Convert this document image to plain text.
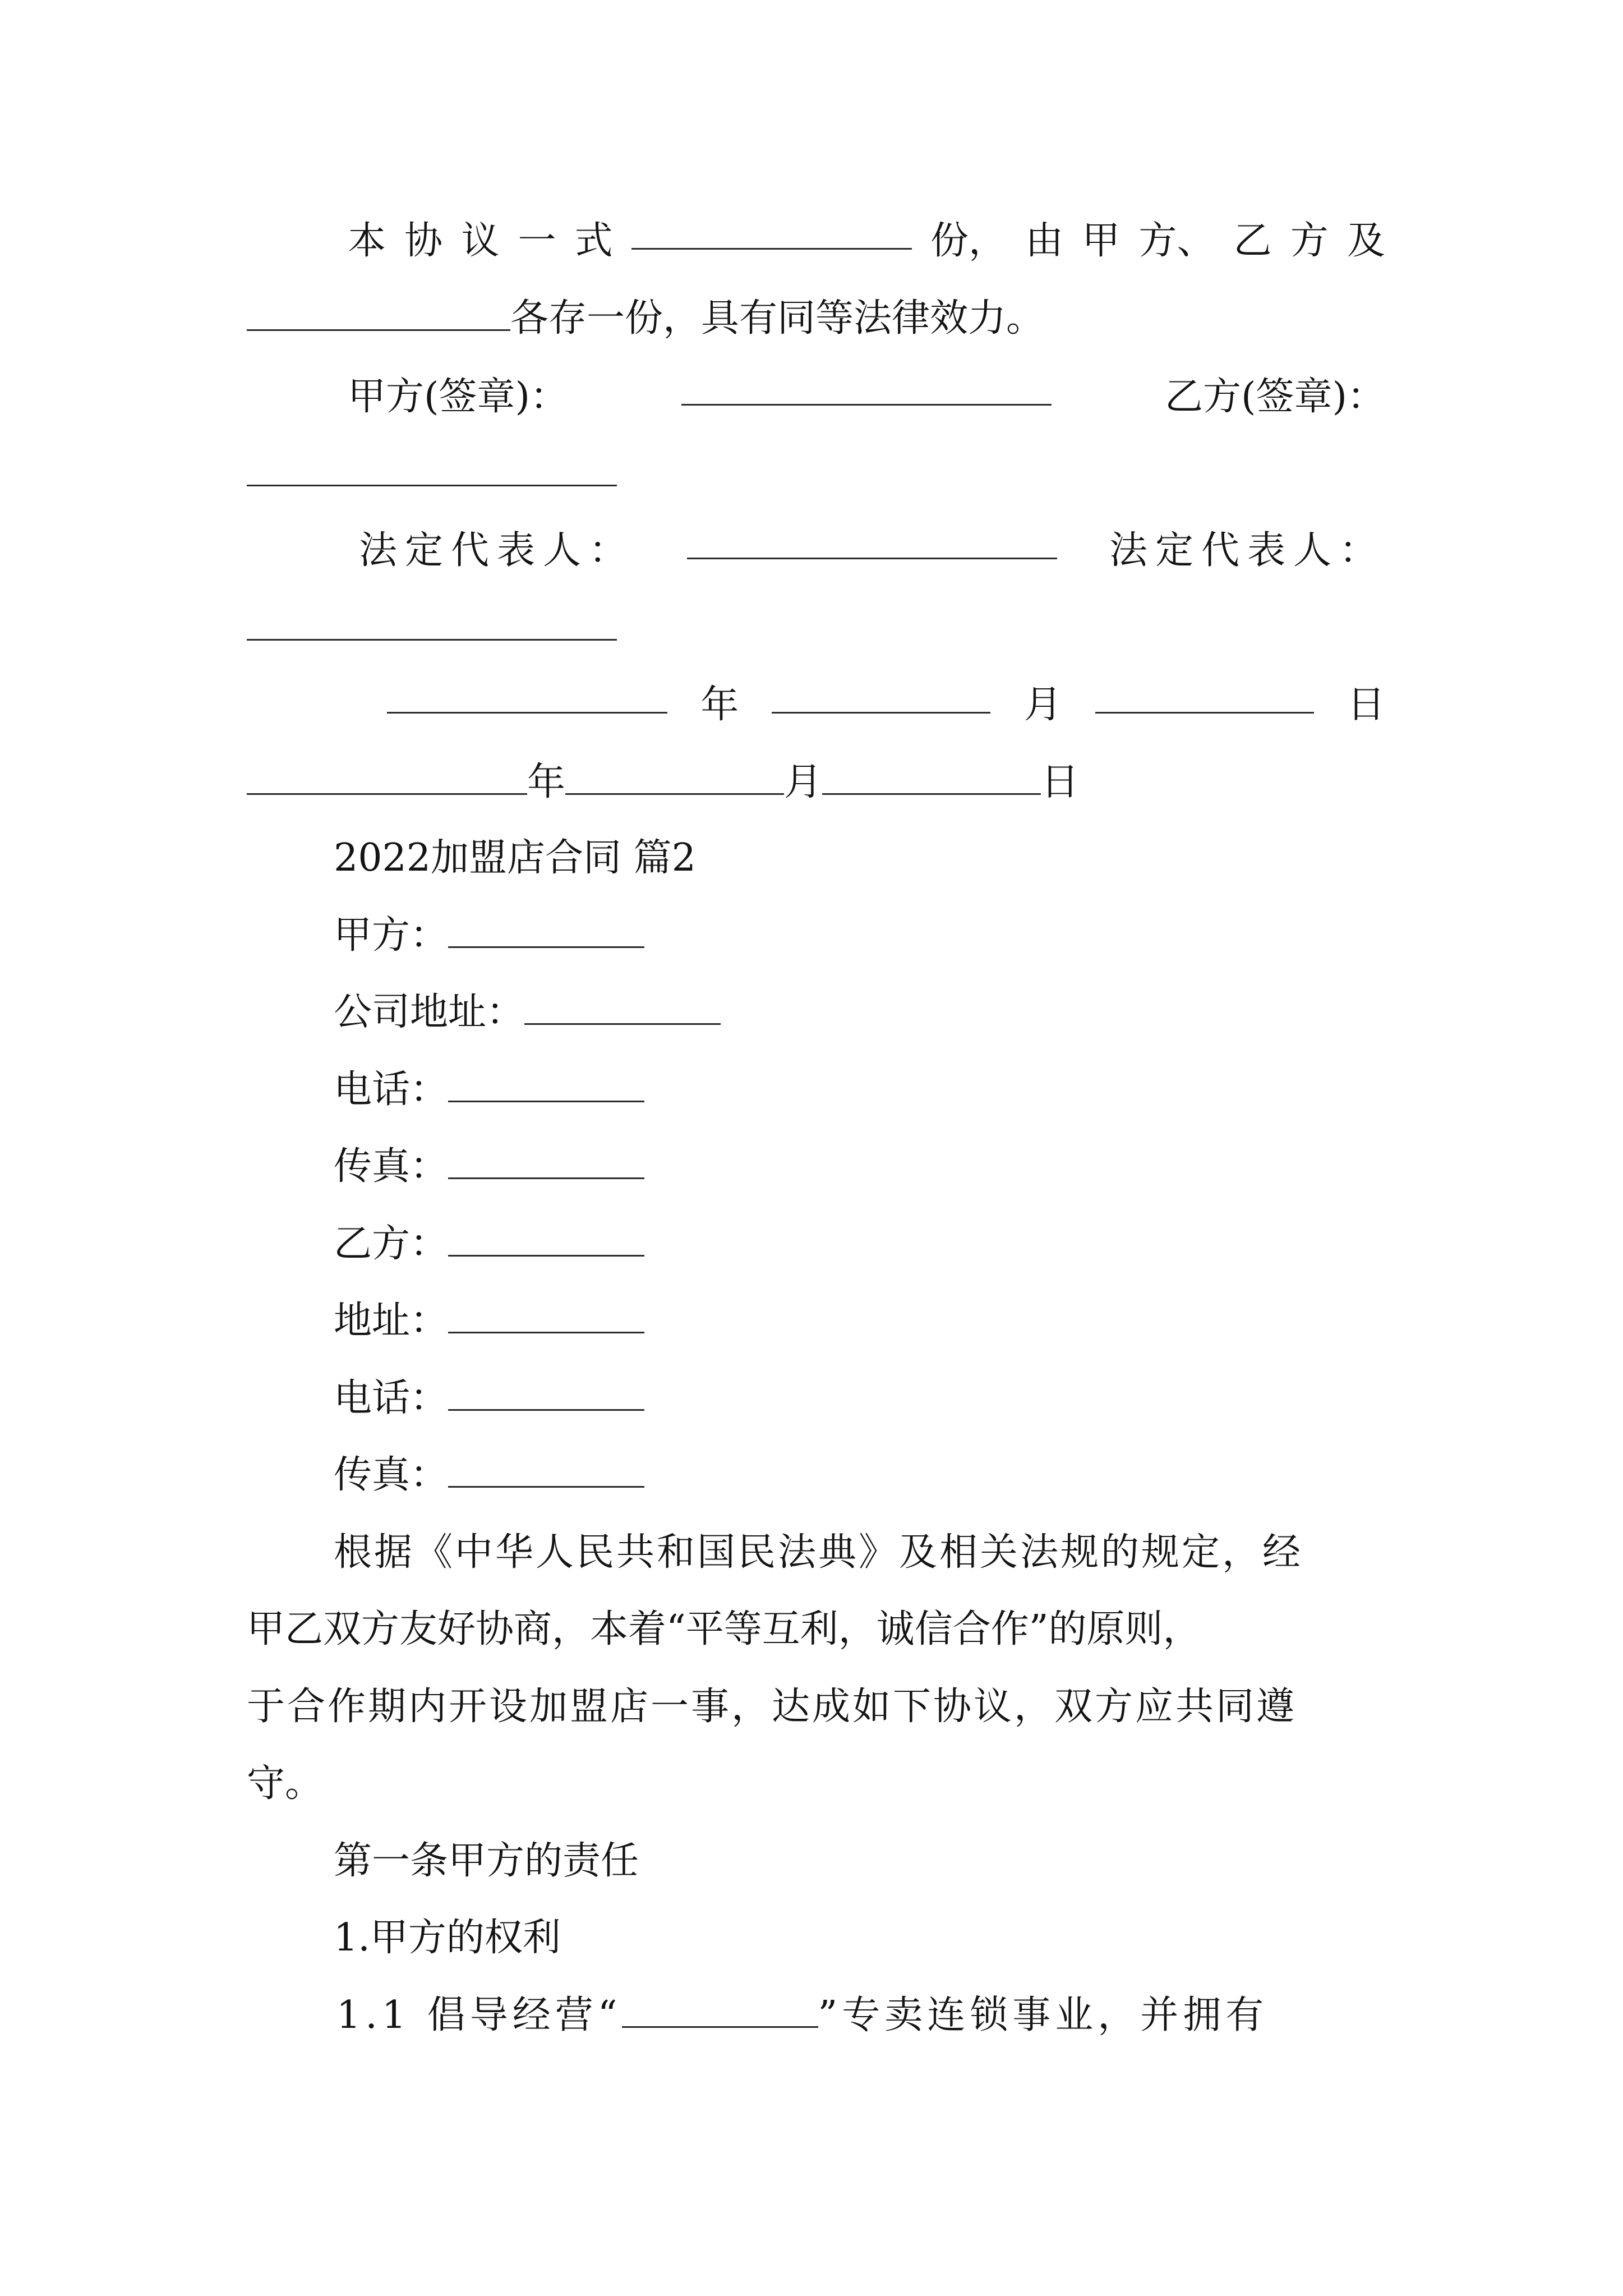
本 协 议 一 式	份， 由 甲 方、 乙 方 及
各存一份，具有同等法律效力。
甲方(签章)：	乙方(签章)：
法定代表人：	法定代表人：
年	月	日
年	月	日
2022加盟店合同 篇2
甲方：
公司地址：
电话：
传真：
乙方：
地址：
电话：
传真：
根据《中华人民共和国民法典》及相关法规的规定，经
甲乙双方友好协商，本着“平等互利，诚信合作”的原则，
于合作期内开设加盟店一事，达成如下协议，双方应共同遵
守。
第一条甲方的责任
1.甲方的权利
1.1 倡导经营“	”专卖连锁事业，并拥有
